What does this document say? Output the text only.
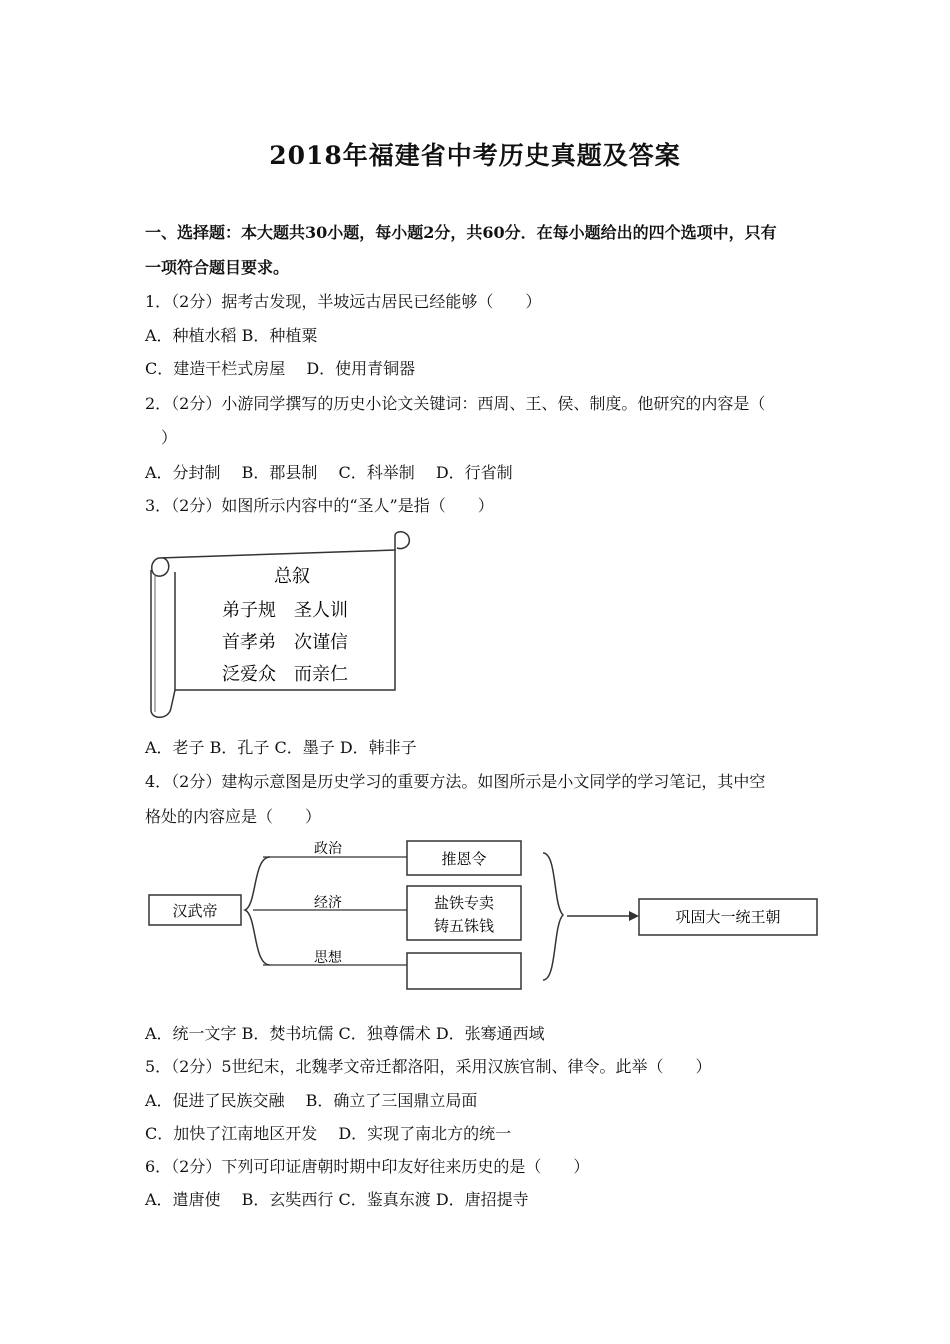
2018年福建省中考历史真题及答案
一、选择题：本大题共30小题，每小题2分，共60分．在每小题给出的四个选项中，只有
一项符合题目要求。
1．（2分）据考古发现，半坡远古居民已经能够（　　）
A．种植水稻 B．种植粟
C．建造干栏式房屋　 D．使用青铜器
2．（2分）小游同学撰写的历史小论文关键词：西周、王、侯、制度。他研究的内容是（
　）
A．分封制　 B．郡县制　 C．科举制　 D．行省制
3．（2分）如图所示内容中的“圣人”是指（　　）
总叙
弟子规　圣人训
首孝弟　次谨信
泛爱众　而亲仁
A．老子 B．孔子 C．墨子 D．韩非子
4．（2分）建构示意图是历史学习的重要方法。如图所示是小文同学的学习笔记，其中空
格处的内容应是（　　）
汉武帝
政治
经济
思想
推恩令
盐铁专卖
铸五铢钱	巩固大一统王朝
A．统一文字 B．焚书坑儒 C．独尊儒术 D．张骞通西域
5．（2分）5世纪末，北魏孝文帝迁都洛阳，采用汉族官制、律令。此举（　　）
A．促进了民族交融　 B．确立了三国鼎立局面
C．加快了江南地区开发　 D．实现了南北方的统一
6．（2分）下列可印证唐朝时期中印友好往来历史的是（　　）
A．遣唐使　 B．玄奘西行 C．鉴真东渡 D．唐招提寺
